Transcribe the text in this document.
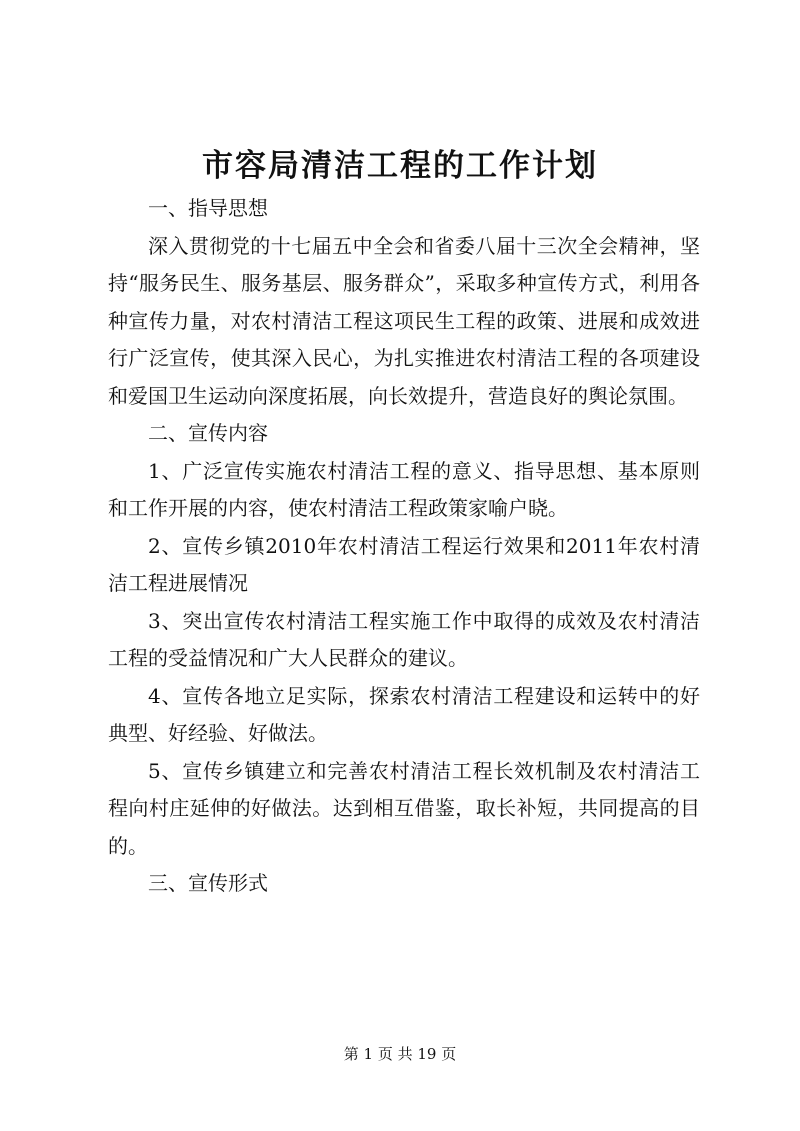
市容局清洁工程的工作计划

一、指导思想

深入贯彻党的十七届五中全会和省委八届十三次全会精神，坚持“服务民生、服务基层、服务群众”，采取多种宣传方式，利用各种宣传力量，对农村清洁工程这项民生工程的政策、进展和成效进行广泛宣传，使其深入民心，为扎实推进农村清洁工程的各项建设和爱国卫生运动向深度拓展，向长效提升，营造良好的舆论氛围。

二、宣传内容

1、广泛宣传实施农村清洁工程的意义、指导思想、基本原则和工作开展的内容，使农村清洁工程政策家喻户晓。

2、宣传乡镇2010年农村清洁工程运行效果和2011年农村清洁工程进展情况

3、突出宣传农村清洁工程实施工作中取得的成效及农村清洁工程的受益情况和广大人民群众的建议。

4、宣传各地立足实际，探索农村清洁工程建设和运转中的好典型、好经验、好做法。

5、宣传乡镇建立和完善农村清洁工程长效机制及农村清洁工程向村庄延伸的好做法。达到相互借鉴，取长补短，共同提高的目的。

三、宣传形式

第 1 页 共 19 页
